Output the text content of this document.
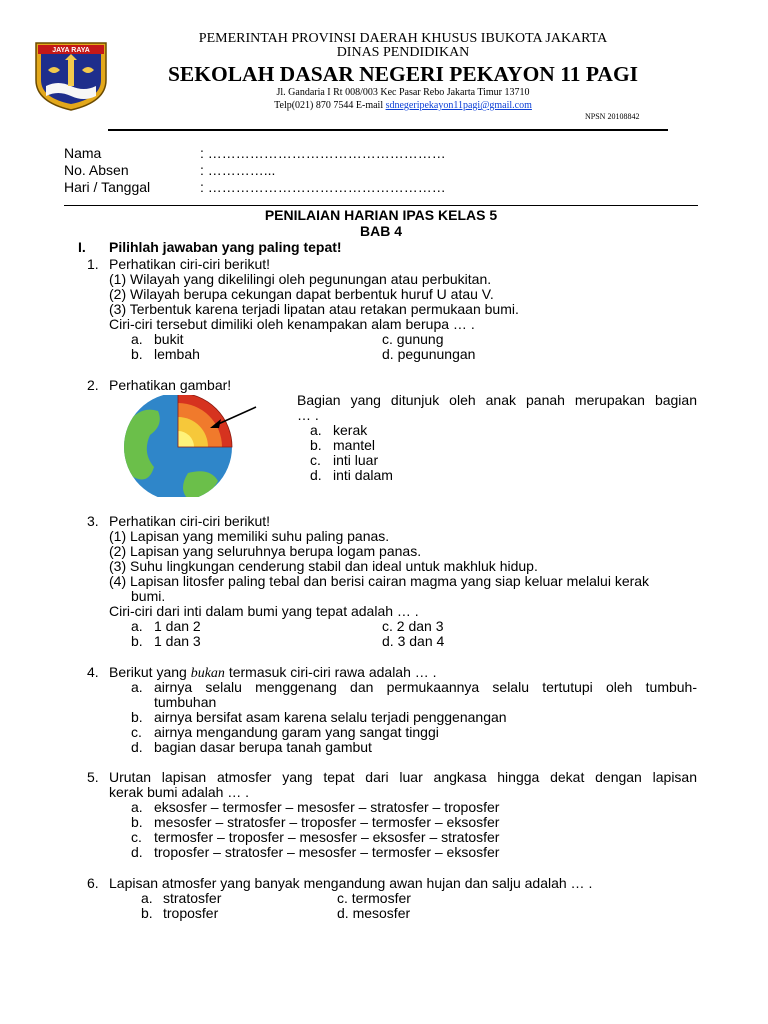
JAYA RAYA
PEMERINTAH PROVINSI DAERAH KHUSUS IBUKOTA JAKARTA
DINAS PENDIDIKAN
SEKOLAH DASAR NEGERI PEKAYON 11 PAGI
Jl. Gandaria I Rt 008/003 Kec Pasar Rebo Jakarta Timur 13710
Telp(021) 870 7544 E-mail sdnegeripekayon11pagi@gmail.com
NPSN 20108842
Nama	: ……………………………………………
No. Absen	: …………...
Hari / Tanggal	: ……………………………………………
PENILAIAN HARIAN IPAS KELAS 5
BAB 4
I. Pilihlah jawaban yang paling tepat!
1. Perhatikan ciri-ciri berikut!
(1) Wilayah yang dikelilingi oleh pegunungan atau perbukitan.
(2) Wilayah berupa cekungan dapat berbentuk huruf U atau V.
(3) Terbentuk karena terjadi lipatan atau retakan permukaan bumi.
Ciri-ciri tersebut dimiliki oleh kenampakan alam berupa … .
a. bukit
b. lembah
c. gunung
d. pegunungan
2. Perhatikan gambar!
Bagian yang ditunjuk oleh anak panah merupakan bagian
… .
a. kerak
b. mantel
c. inti luar
d. inti dalam
3. Perhatikan ciri-ciri berikut!
(1) Lapisan yang memiliki suhu paling panas.
(2) Lapisan yang seluruhnya berupa logam panas.
(3) Suhu lingkungan cenderung stabil dan ideal untuk makhluk hidup.
(4) Lapisan litosfer paling tebal dan berisi cairan magma yang siap keluar melalui kerak
bumi.
Ciri-ciri dari inti dalam bumi yang tepat adalah … .
a. 1 dan 2
b. 1 dan 3
c. 2 dan 3
d. 3 dan 4
4. Berikut yang bukan termasuk ciri-ciri rawa adalah … .
a. airnya selalu menggenang dan permukaannya selalu tertutupi oleh tumbuh-
tumbuhan
b. airnya bersifat asam karena selalu terjadi penggenangan
c. airnya mengandung garam yang sangat tinggi
d. bagian dasar berupa tanah gambut
5. Urutan lapisan atmosfer yang tepat dari luar angkasa hingga dekat dengan lapisan
kerak bumi adalah … .
a. eksosfer – termosfer – mesosfer – stratosfer – troposfer
b. mesosfer – stratosfer – troposfer – termosfer – eksosfer
c. termosfer – troposfer – mesosfer – eksosfer – stratosfer
d. troposfer – stratosfer – mesosfer – termosfer – eksosfer
6. Lapisan atmosfer yang banyak mengandung awan hujan dan salju adalah … .
a. stratosfer
b. troposfer
c. termosfer
d. mesosfer
